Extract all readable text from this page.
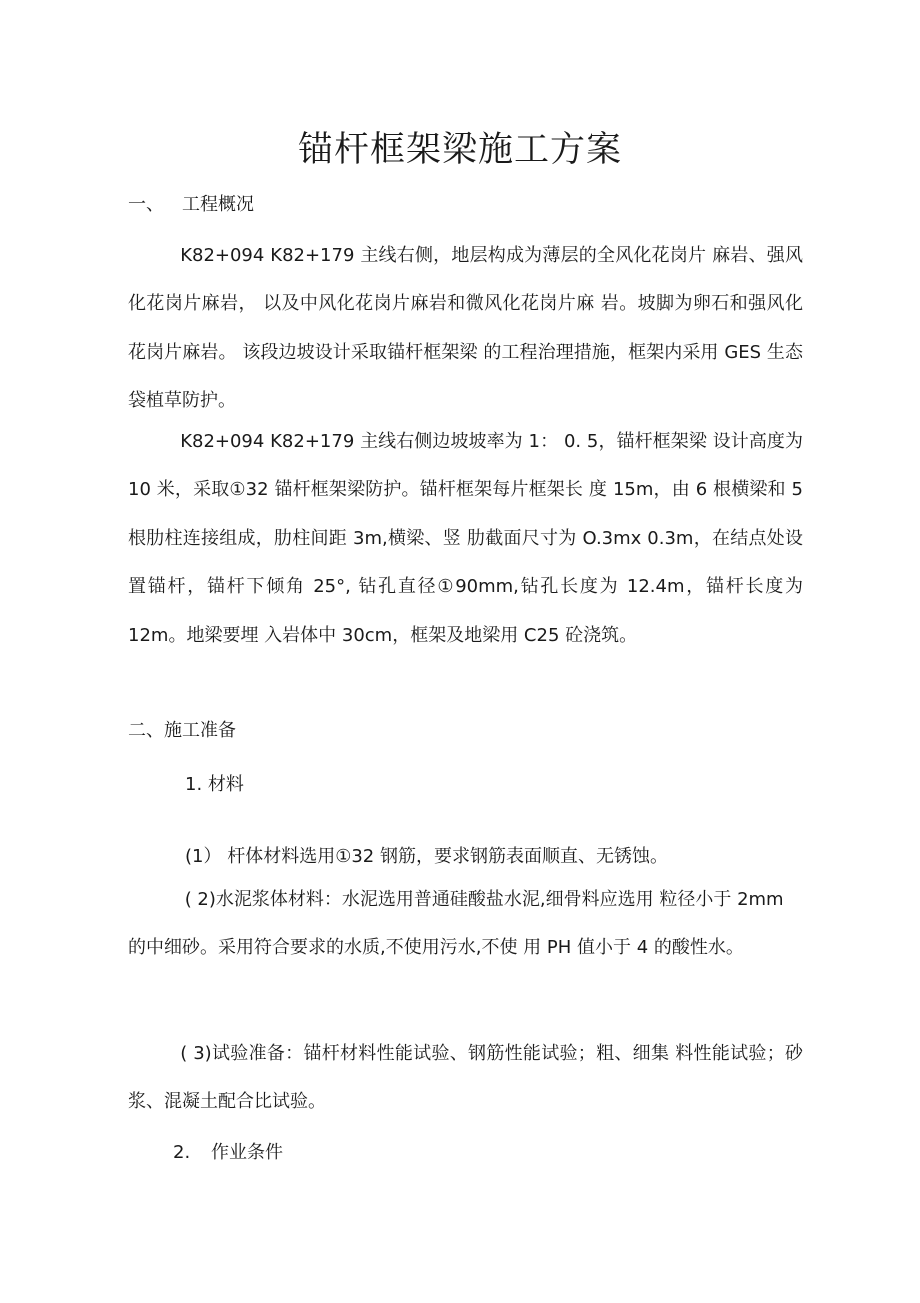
锚杆框架梁施工方案
一、 工程概况

K82+094 K82+179 主线右侧，地层构成为薄层的全风化花岗片 麻岩、强风化花岗片麻岩， 以及中风化花岗片麻岩和微风化花岗片麻 岩。坡脚为卵石和强风化花岗片麻岩。 该段边坡设计采取锚杆框架梁 的工程治理措施，框架内采用 GES 生态袋植草防护。

K82+094 K82+179 主线右侧边坡坡率为 1： 0. 5，锚杆框架梁 设计高度为 10 米，采取①32 锚杆框架梁防护。锚杆框架每片框架长 度 15m，由 6 根横梁和 5 根肋柱连接组成，肋柱间距 3m,横梁、竖 肋截面尺寸为 O.3mx 0.3m，在结点处设置锚杆，锚杆下倾角 25°, 钻孔直径①90mm,钻孔长度为 12.4m，锚杆长度为 12m。地梁要埋 入岩体中 30cm，框架及地梁用 C25 砼浇筑。

二、施工准备
1. 材料

(1） 杆体材料选用①32 钢筋，要求钢筋表面顺直、无锈蚀。

( 2)水泥浆体材料：水泥选用普通硅酸盐水泥,细骨料应选用 粒径小于 2mm 的中细砂。采用符合要求的水质,不使用污水,不使 用 PH 值小于 4 的酸性水。

( 3)试验准备：锚杆材料性能试验、钢筋性能试验；粗、细集 料性能试验；砂浆、混凝土配合比试验。

2. 作业条件
